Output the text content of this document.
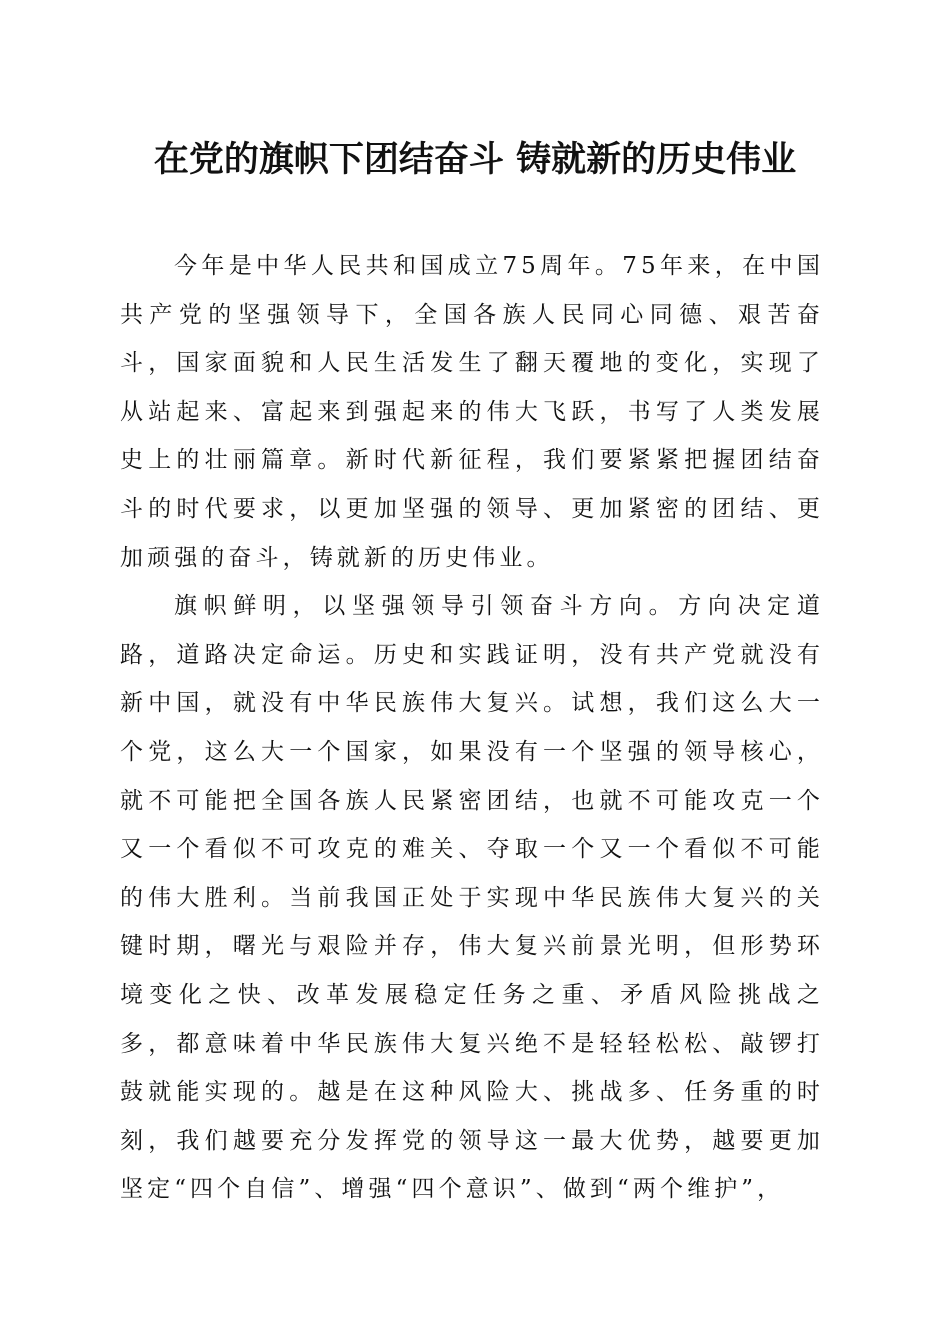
在党的旗帜下团结奋斗 铸就新的历史伟业

今年是中华人民共和国成立75周年。75年来，在中国共产党的坚强领导下，全国各族人民同心同德、艰苦奋斗，国家面貌和人民生活发生了翻天覆地的变化，实现了从站起来、富起来到强起来的伟大飞跃，书写了人类发展史上的壮丽篇章。新时代新征程，我们要紧紧把握团结奋斗的时代要求，以更加坚强的领导、更加紧密的团结、更加顽强的奋斗，铸就新的历史伟业。

旗帜鲜明，以坚强领导引领奋斗方向。方向决定道路，道路决定命运。历史和实践证明，没有共产党就没有新中国，就没有中华民族伟大复兴。试想，我们这么大一个党，这么大一个国家，如果没有一个坚强的领导核心，就不可能把全国各族人民紧密团结，也就不可能攻克一个又一个看似不可攻克的难关、夺取一个又一个看似不可能的伟大胜利。当前我国正处于实现中华民族伟大复兴的关键时期，曙光与艰险并存，伟大复兴前景光明，但形势环境变化之快、改革发展稳定任务之重、矛盾风险挑战之多，都意味着中华民族伟大复兴绝不是轻轻松松、敲锣打鼓就能实现的。越是在这种风险大、挑战多、任务重的时刻，我们越要充分发挥党的领导这一最大优势，越要更加坚定“四个自信”、增强“四个意识”、做到“两个维护”，
